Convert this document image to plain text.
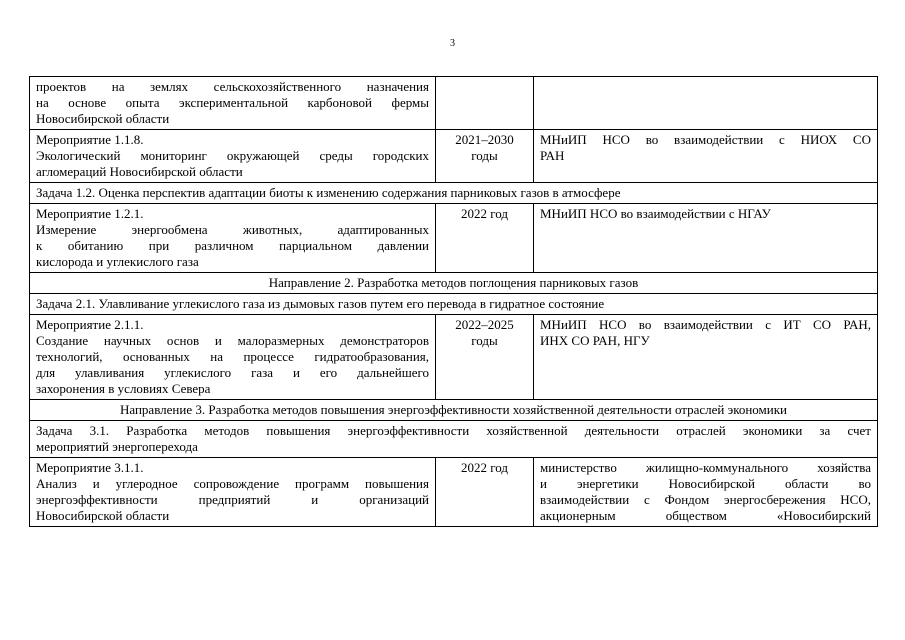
3
проектов на землях сельскохозяйственного назначения
на основе опыта экспериментальной карбоновой фермы
Новосибирской области		

Мероприятие 1.1.8.
Экологический мониторинг окружающей среды городских
агломераций Новосибирской области	2021–2030
годы	МНиИП НСО во взаимодействии с НИОХ СО
РАН

Задача 1.2. Оценка перспектив адаптации биоты к изменению содержания парниковых газов в атмосфере		

Мероприятие 1.2.1.
Измерение энергообмена животных, адаптированных
к обитанию при различном парциальном давлении
кислорода и углекислого газа	2022 год	МНиИП НСО во взаимодействии с НГАУ

Направление 2. Разработка методов поглощения парниковых газов		
Задача 2.1. Улавливание углекислого газа из дымовых газов путем его перевода в гидратное состояние		

Мероприятие 2.1.1.
Создание научных основ и малоразмерных демонстраторов
технологий, основанных на процессе гидратообразования,
для улавливания углекислого газа и его дальнейшего
захоронения в условиях Севера	2022–2025
годы	МНиИП НСО во взаимодействии с ИТ СО РАН,
ИНХ СО РАН, НГУ

Направление 3. Разработка методов повышения энергоэффективности хозяйственной деятельности отраслей экономики		

Задача 3.1. Разработка методов повышения энергоэффективности хозяйственной деятельности отраслей экономики за счет
мероприятий энергоперехода		

Мероприятие 3.1.1.
Анализ и углеродное сопровождение программ повышения
энергоэффективности предприятий и организаций
Новосибирской области	2022 год	министерство жилищно-коммунального хозяйства
и энергетики Новосибирской области во
взаимодействии с Фондом энергосбережения НСО,
акционерным обществом «Новосибирский
